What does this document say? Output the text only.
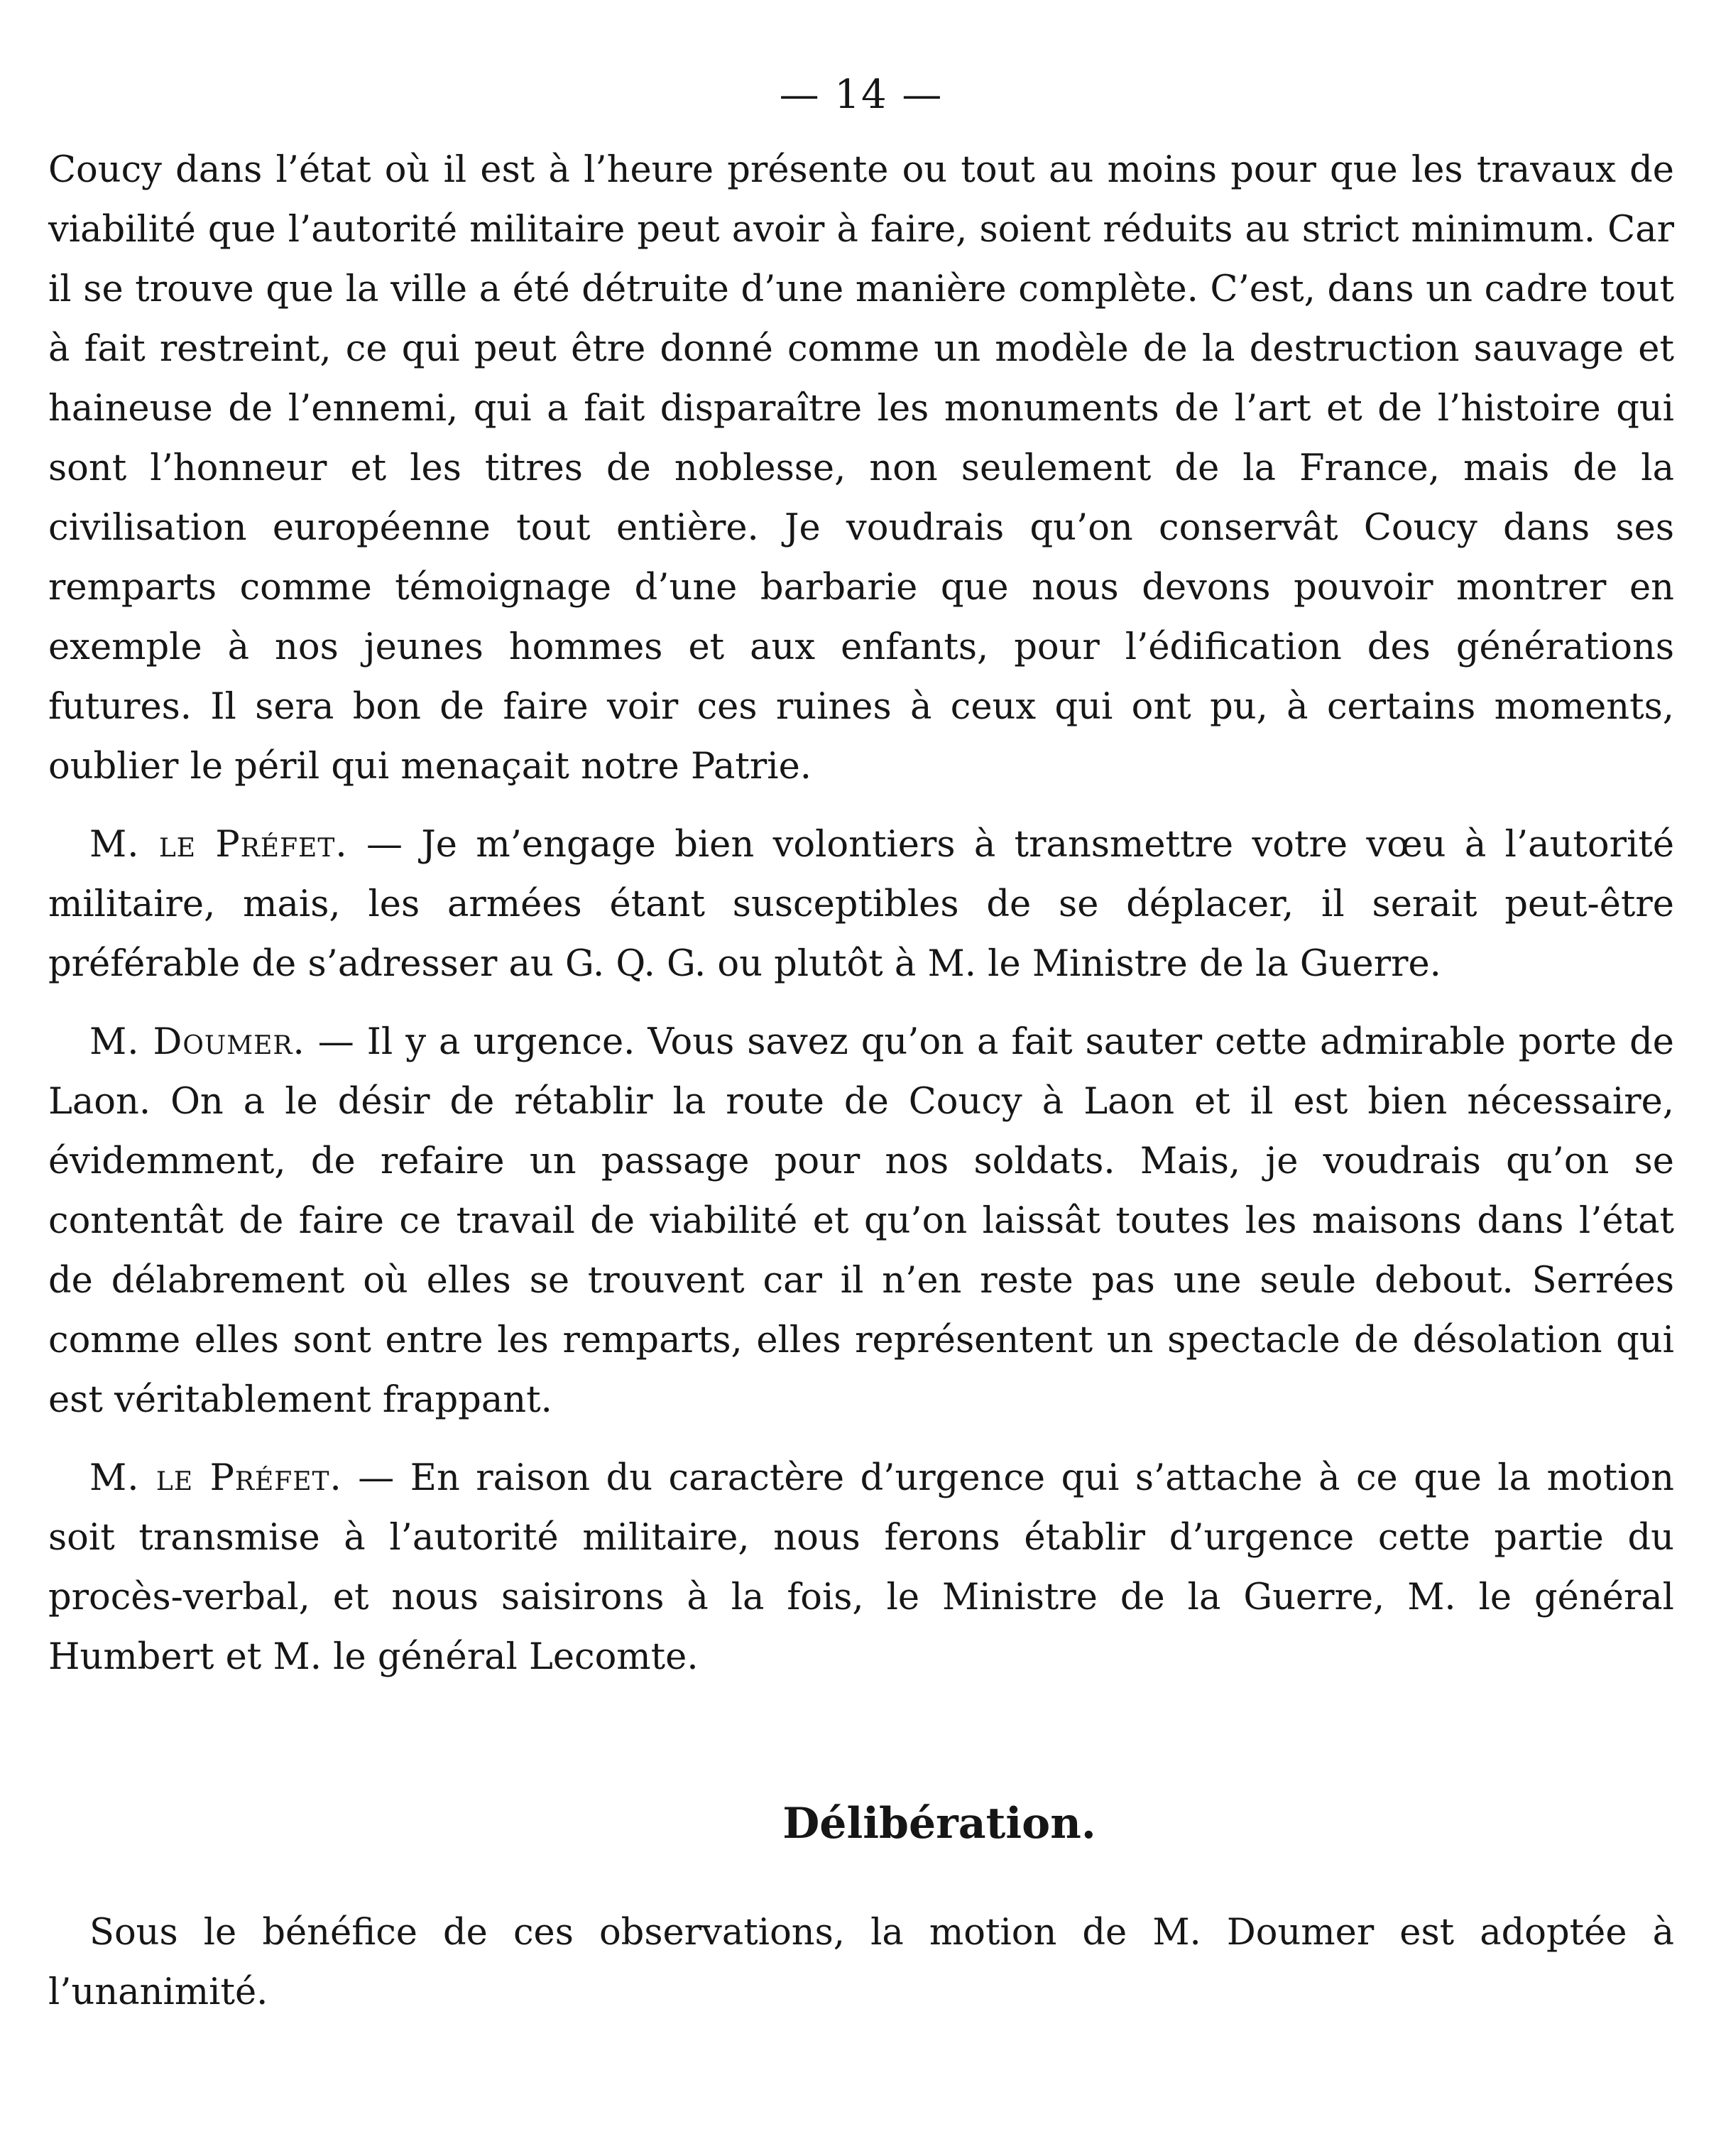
— 14 —

Coucy dans l’état où il est à l’heure présente ou tout au moins pour que les travaux de viabilité que l’autorité militaire peut avoir à faire, soient réduits au strict minimum. Car il se trouve que la ville a été détruite d’une manière complète. C’est, dans un cadre tout à fait restreint, ce qui peut être donné comme un modèle de la destruction sauvage et haineuse de l’ennemi, qui a fait disparaître les monuments de l’art et de l’histoire qui sont l’honneur et les titres de noblesse, non seulement de la France, mais de la civilisation européenne tout entière. Je voudrais qu’on conservât Coucy dans ses remparts comme témoignage d’une barbarie que nous devons pouvoir montrer en exemple à nos jeunes hommes et aux enfants, pour l’édification des générations futures. Il sera bon de faire voir ces ruines à ceux qui ont pu, à certains moments, oublier le péril qui menaçait notre Patrie.

M. le Préfet. — Je m’engage bien volontiers à transmettre votre vœu à l’autorité militaire, mais, les armées étant susceptibles de se déplacer, il serait peut-être préférable de s’adresser au G. Q. G. ou plutôt à M. le Ministre de la Guerre.

M. Doumer. — Il y a urgence. Vous savez qu’on a fait sauter cette admirable porte de Laon. On a le désir de rétablir la route de Coucy à Laon et il est bien nécessaire, évidemment, de refaire un passage pour nos soldats. Mais, je voudrais qu’on se contentât de faire ce travail de viabilité et qu’on laissât toutes les maisons dans l’état de délabrement où elles se trouvent car il n’en reste pas une seule debout. Serrées comme elles sont entre les remparts, elles représentent un spectacle de désolation qui est véritablement frappant.

M. le Préfet. — En raison du caractère d’urgence qui s’attache à ce que la motion soit transmise à l’autorité militaire, nous ferons établir d’urgence cette partie du procès-verbal, et nous saisirons à la fois, le Ministre de la Guerre, M. le général Humbert et M. le général Lecomte.

Délibération.

Sous le bénéfice de ces observations, la motion de M. Doumer est adoptée à l’unanimité.
